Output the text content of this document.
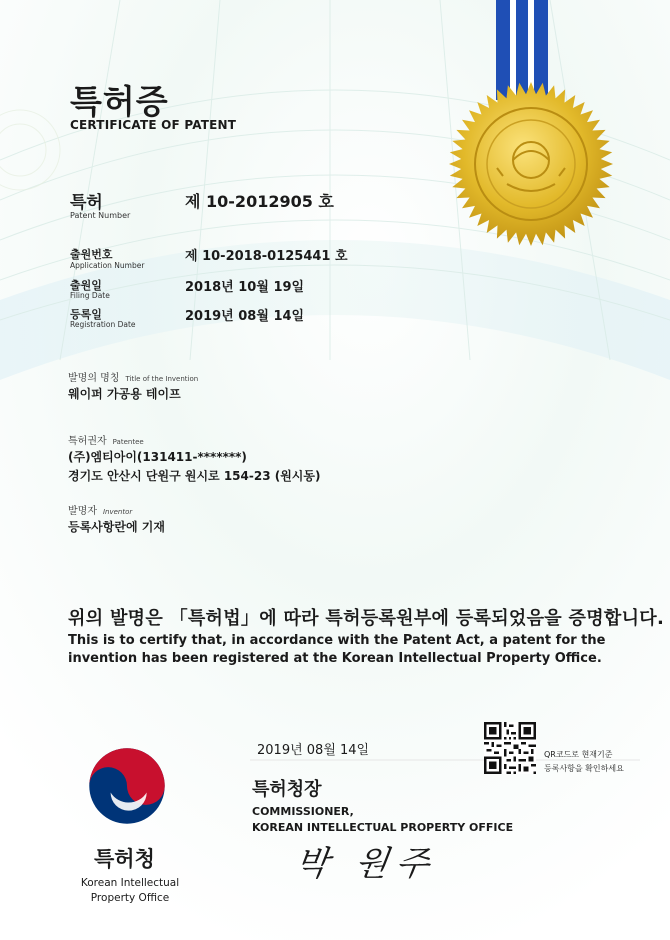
특허증
CERTIFICATE OF PATENT
특허
Patent Number
제 10-2012905 호
출원번호
Application Number
제 10-2018-0125441 호
출원일
Filing Date
2018년 10월 19일
등록일
Registration Date
2019년 08월 14일
발명의 명칭 Title of the Invention
웨이퍼 가공용 테이프
특허권자 Patentee
(주)엠티아이(131411-*******)
경기도 안산시 단원구 원시로 154-23 (원시동)
발명자 Inventor
등록사항란에 기재
위의 발명은 「특허법」에 따라 특허등록원부에 등록되었음을 증명합니다.
This is to certify that, in accordance with the Patent Act, a patent for the invention has been registered at the Korean Intellectual Property Office.
2019년 08월 14일	QR코드로 현재기준
등록사항을 확인하세요
특허청장
COMMISSIONER,
KOREAN INTELLECTUAL PROPERTY OFFICE
박 원주
특허청
Korean Intellectual Property Office
